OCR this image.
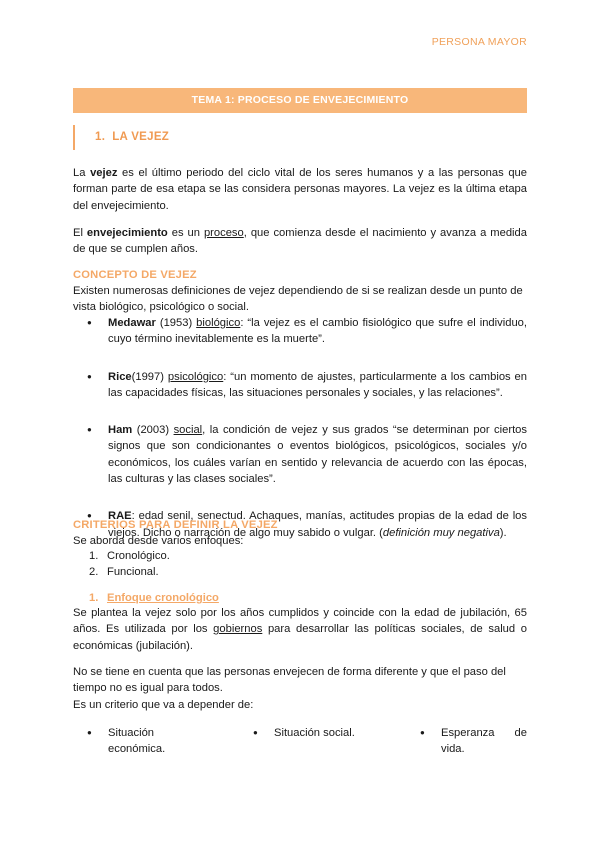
PERSONA MAYOR
TEMA 1: PROCESO DE ENVEJECIMIENTO
1. LA VEJEZ
La vejez es el último periodo del ciclo vital de los seres humanos y a las personas que forman parte de esa etapa se las considera personas mayores. La vejez es la última etapa del envejecimiento.
El envejecimiento es un proceso, que comienza desde el nacimiento y avanza a medida de que se cumplen años.
CONCEPTO DE VEJEZ
Existen numerosas definiciones de vejez dependiendo de si se realizan desde un punto de vista biológico, psicológico o social.
● Medawar (1953) biológico: “la vejez es el cambio fisiológico que sufre el individuo, cuyo término inevitablemente es la muerte”.
● Rice(1997) psicológico: “un momento de ajustes, particularmente a los cambios en las capacidades físicas, las situaciones personales y sociales, y las relaciones”.
● Ham (2003) social, la condición de vejez y sus grados “se determinan por ciertos signos que son condicionantes o eventos biológicos, psicológicos, sociales y/o económicos, los cuáles varían en sentido y relevancia de acuerdo con las épocas, las culturas y las clases sociales”.
● RAE: edad senil, senectud. Achaques, manías, actitudes propias de la edad de los viejos. Dicho o narración de algo muy sabido o vulgar. (definición muy negativa).
CRITERIOS PARA DEFINIR LA VEJEZ
Se aborda desde varios enfoques:
1. Cronológico.
2. Funcional.
1. Enfoque cronológico
Se plantea la vejez solo por los años cumplidos y coincide con la edad de jubilación, 65 años. Es utilizada por los gobiernos para desarrollar las políticas sociales, de salud o económicas (jubilación).
No se tiene en cuenta que las personas envejecen de forma diferente y que el paso del tiempo no es igual para todos.
Es un criterio que va a depender de:
● Situación económica.
● Situación social.
●	Esperanza de
vida.
